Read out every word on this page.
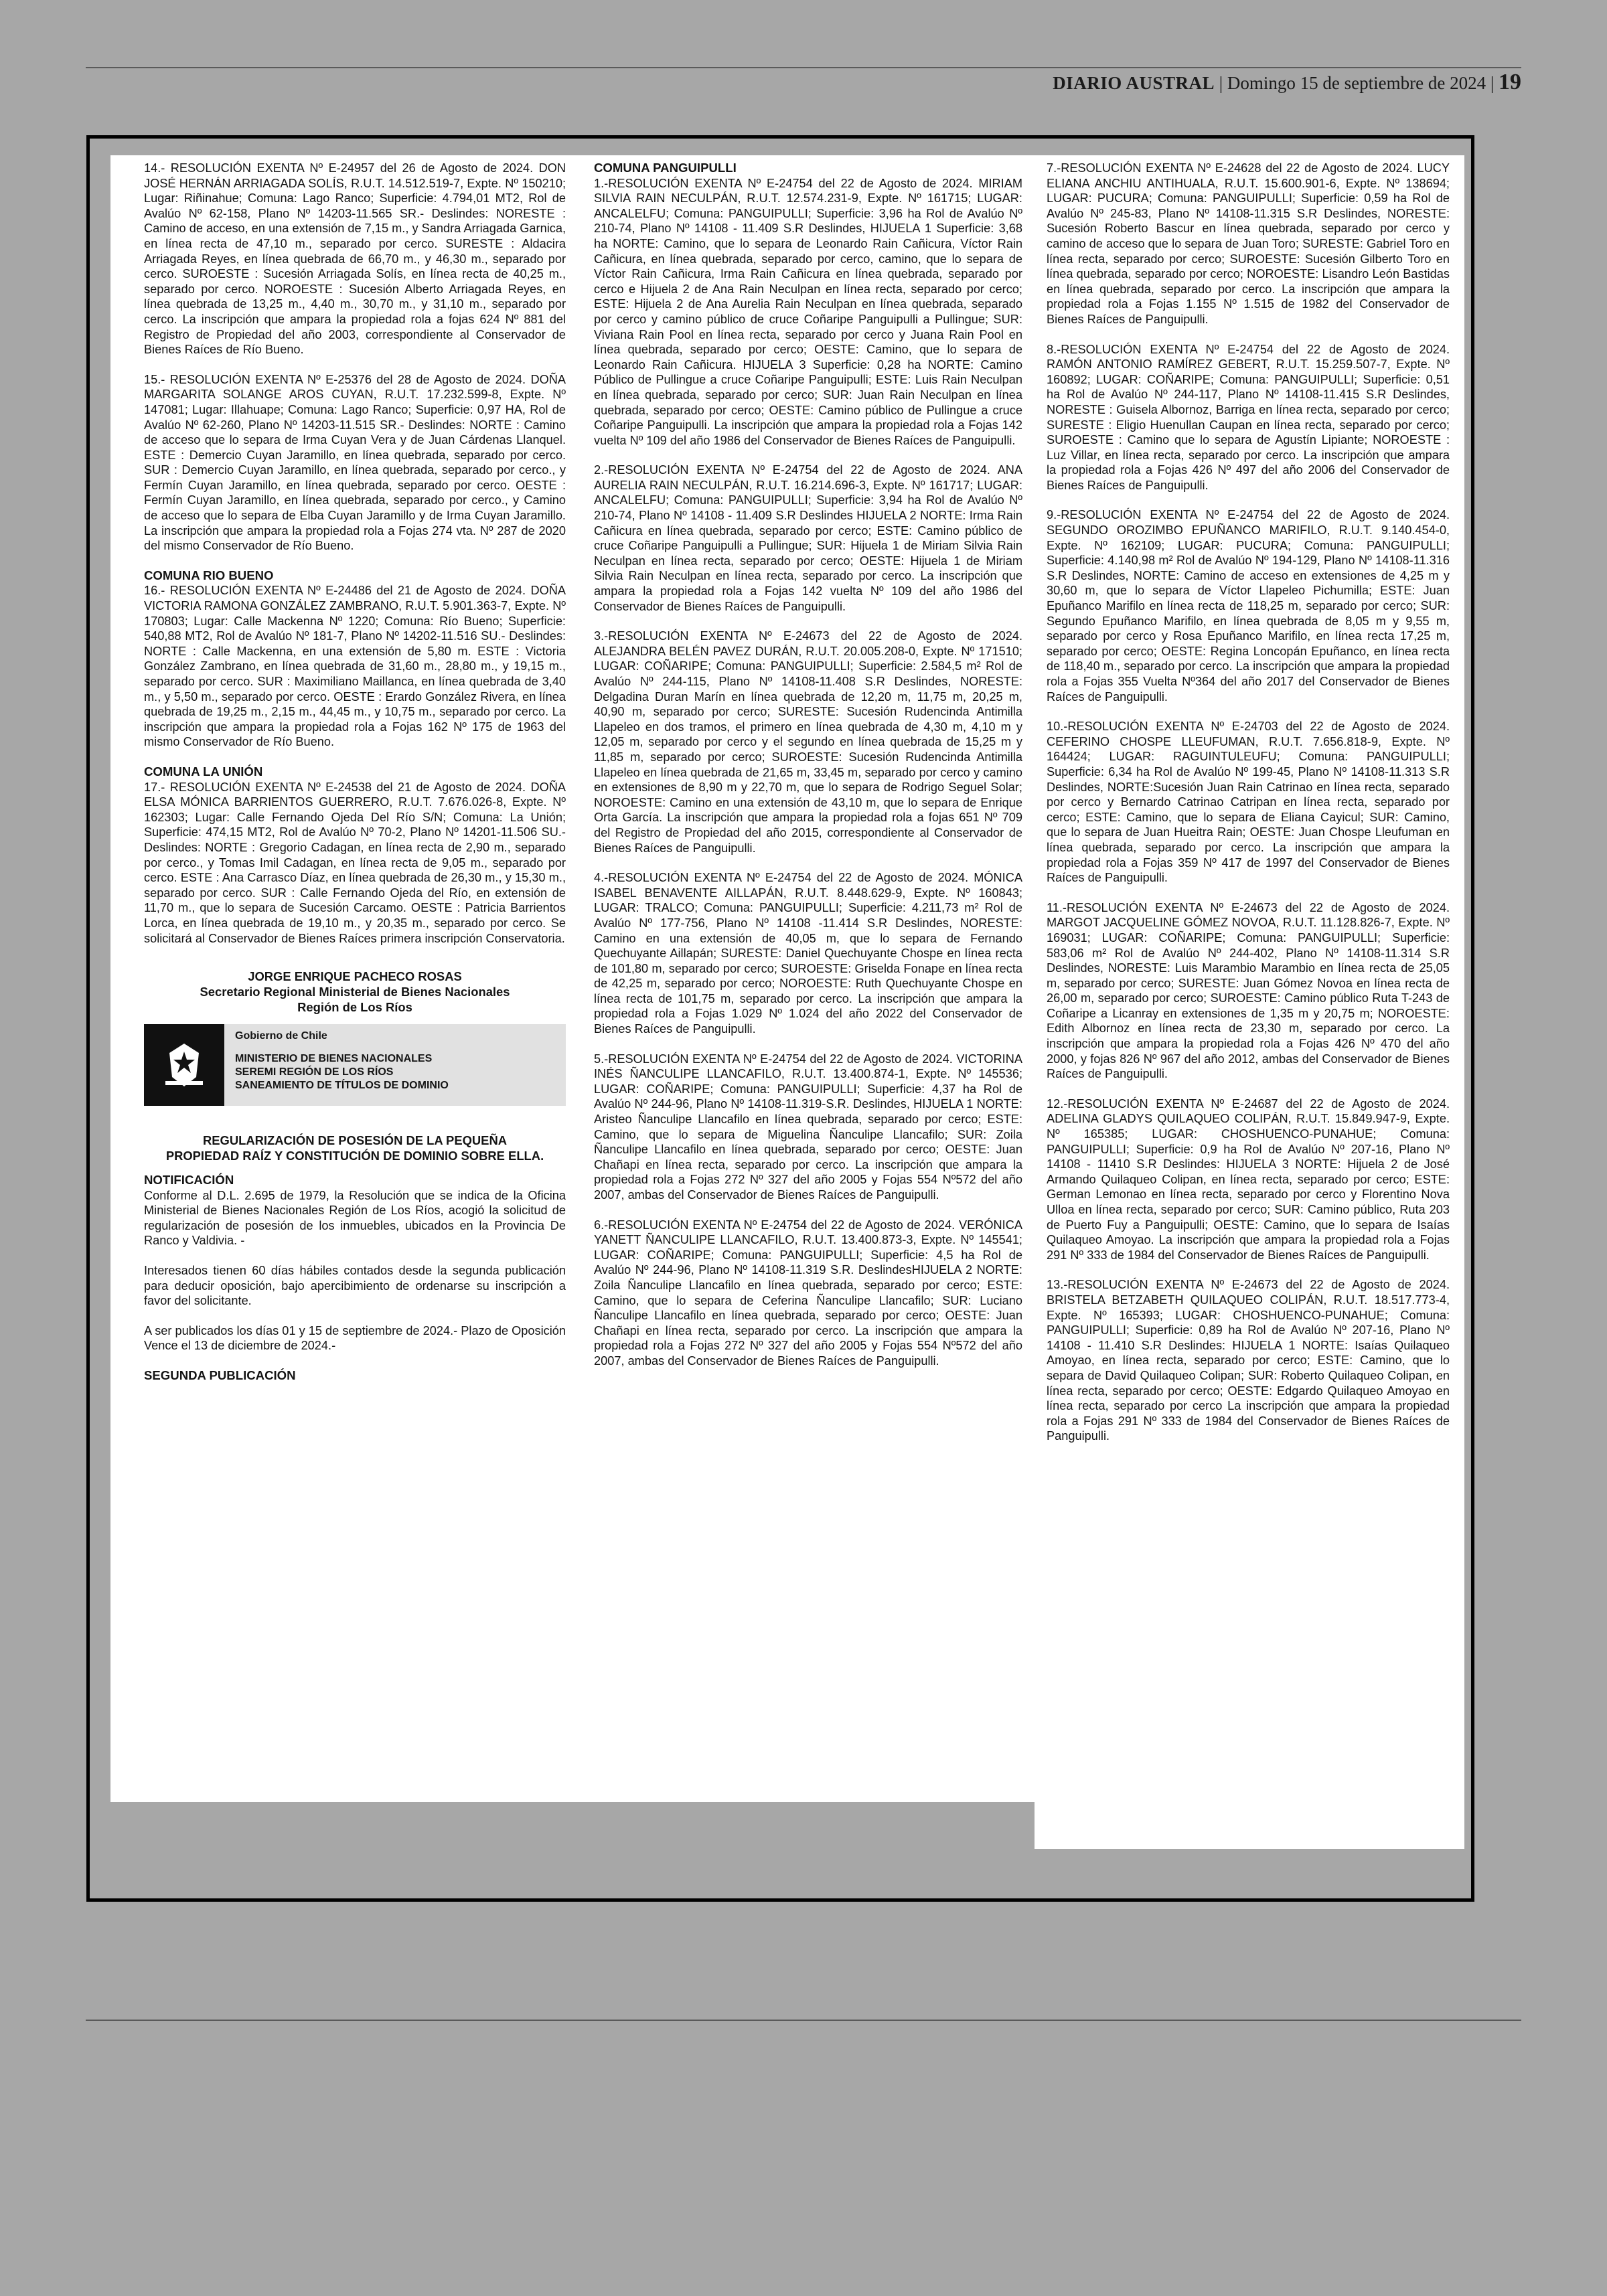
DIARIO AUSTRAL | Domingo 15 de septiembre de 2024 | 19

14.- RESOLUCIÓN EXENTA Nº E-24957 del 26 de Agosto de 2024. DON JOSÉ HERNÁN ARRIAGADA SOLÍS, R.U.T. 14.512.519-7, Expte. Nº 150210; Lugar: Riñinahue; Comuna: Lago Ranco; Superficie: 4.794,01 MT2, Rol de Avalúo Nº 62-158, Plano Nº 14203-11.565 SR.- Deslindes: NORESTE : Camino de acceso, en una extensión de 7,15 m., y Sandra Arriagada Garnica, en línea recta de 47,10 m., separado por cerco. SURESTE : Aldacira Arriagada Reyes, en línea quebrada de 66,70 m., y 46,30 m., separado por cerco. SUROESTE : Sucesión Arriagada Solís, en línea recta de 40,25 m., separado por cerco. NOROESTE : Sucesión Alberto Arriagada Reyes, en línea quebrada de 13,25 m., 4,40 m., 30,70 m., y 31,10 m., separado por cerco. La inscripción que ampara la propiedad rola a fojas 624 Nº 881 del Registro de Propiedad del año 2003, correspondiente al Conservador de Bienes Raíces de Río Bueno.

15.- RESOLUCIÓN EXENTA Nº E-25376 del 28 de Agosto de 2024. DOÑA MARGARITA SOLANGE AROS CUYAN, R.U.T. 17.232.599-8, Expte. Nº 147081; Lugar: Illahuape; Comuna: Lago Ranco; Superficie: 0,97 HA, Rol de Avalúo Nº 62-260, Plano Nº 14203-11.515 SR.- Deslindes: NORTE : Camino de acceso que lo separa de Irma Cuyan Vera y de Juan Cárdenas Llanquel. ESTE : Demercio Cuyan Jaramillo, en línea quebrada, separado por cerco. SUR : Demercio Cuyan Jaramillo, en línea quebrada, separado por cerco., y Fermín Cuyan Jaramillo, en línea quebrada, separado por cerco. OESTE : Fermín Cuyan Jaramillo, en línea quebrada, separado por cerco., y Camino de acceso que lo separa de Elba Cuyan Jaramillo y de Irma Cuyan Jaramillo. La inscripción que ampara la propiedad rola a Fojas 274 vta. Nº 287 de 2020 del mismo Conservador de Río Bueno.

COMUNA RIO BUENO

16.- RESOLUCIÓN EXENTA Nº E-24486 del 21 de Agosto de 2024. DOÑA VICTORIA RAMONA GONZÁLEZ ZAMBRANO, R.U.T. 5.901.363-7, Expte. Nº 170803; Lugar: Calle Mackenna Nº 1220; Comuna: Río Bueno; Superficie: 540,88 MT2, Rol de Avalúo Nº 181-7, Plano Nº 14202-11.516 SU.- Deslindes: NORTE : Calle Mackenna, en una extensión de 5,80 m. ESTE : Victoria González Zambrano, en línea quebrada de 31,60 m., 28,80 m., y 19,15 m., separado por cerco. SUR : Maximiliano Maillanca, en línea quebrada de 3,40 m., y 5,50 m., separado por cerco. OESTE : Erardo González Rivera, en línea quebrada de 19,25 m., 2,15 m., 44,45 m., y 10,75 m., separado por cerco. La inscripción que ampara la propiedad rola a Fojas 162 Nº 175 de 1963 del mismo Conservador de Río Bueno.

COMUNA LA UNIÓN

17.- RESOLUCIÓN EXENTA Nº E-24538 del 21 de Agosto de 2024. DOÑA ELSA MÓNICA BARRIENTOS GUERRERO, R.U.T. 7.676.026-8, Expte. Nº 162303; Lugar: Calle Fernando Ojeda Del Río S/N; Comuna: La Unión; Superficie: 474,15 MT2, Rol de Avalúo Nº 70-2, Plano Nº 14201-11.506 SU.- Deslindes: NORTE : Gregorio Cadagan, en línea recta de 2,90 m., separado por cerco., y Tomas Imil Cadagan, en línea recta de 9,05 m., separado por cerco. ESTE : Ana Carrasco Díaz, en línea quebrada de 26,30 m., y 15,30 m., separado por cerco. SUR : Calle Fernando Ojeda del Río, en extensión de 11,70 m., que lo separa de Sucesión Carcamo. OESTE : Patricia Barrientos Lorca, en línea quebrada de 19,10 m., y 20,35 m., separado por cerco. Se solicitará al Conservador de Bienes Raíces primera inscripción Conservatoria.

JORGE ENRIQUE PACHECO ROSAS
Secretario Regional Ministerial de Bienes Nacionales
Región de Los Ríos
Gobierno de Chile
MINISTERIO DE BIENES NACIONALES
SEREMI REGIÓN DE LOS RÍOS
SANEAMIENTO DE TÍTULOS DE DOMINIO
REGULARIZACIÓN DE POSESIÓN DE LA PEQUEÑA
PROPIEDAD RAÍZ Y CONSTITUCIÓN DE DOMINIO SOBRE ELLA.
NOTIFICACIÓN

Conforme al D.L. 2.695 de 1979, la Resolución que se indica de la Oficina Ministerial de Bienes Nacionales Región de Los Ríos, acogió la solicitud de regularización de posesión de los inmuebles, ubicados en la Provincia De Ranco y Valdivia. -

Interesados tienen 60 días hábiles contados desde la segunda publicación para deducir oposición, bajo apercibimiento de ordenarse su inscripción a favor del solicitante.

A ser publicados los días 01 y 15 de septiembre de 2024.- Plazo de Oposición Vence el 13 de diciembre de 2024.-

SEGUNDA PUBLICACIÓN
COMUNA PANGUIPULLI

1.-RESOLUCIÓN EXENTA Nº E-24754 del 22 de Agosto de 2024. MIRIAM SILVIA RAIN NECULPÁN, R.U.T. 12.574.231-9, Expte. Nº 161715; LUGAR: ANCALELFU; Comuna: PANGUIPULLI; Superficie: 3,96 ha Rol de Avalúo Nº 210-74, Plano Nº 14108 - 11.409 S.R Deslindes, HIJUELA 1 Superficie: 3,68 ha NORTE: Camino, que lo separa de Leonardo Rain Cañicura, Víctor Rain Cañicura, en línea quebrada, separado por cerco, camino, que lo separa de Víctor Rain Cañicura, Irma Rain Cañicura en línea quebrada, separado por cerco e Hijuela 2 de Ana Rain Neculpan en línea recta, separado por cerco; ESTE: Hijuela 2 de Ana Aurelia Rain Neculpan en línea quebrada, separado por cerco y camino público de cruce Coñaripe Panguipulli a Pullingue; SUR: Viviana Rain Pool en línea recta, separado por cerco y Juana Rain Pool en línea quebrada, separado por cerco; OESTE: Camino, que lo separa de Leonardo Rain Cañicura. HIJUELA 3 Superficie: 0,28 ha NORTE: Camino Público de Pullingue a cruce Coñaripe Panguipulli; ESTE: Luis Rain Neculpan en línea quebrada, separado por cerco; SUR: Juan Rain Neculpan en línea quebrada, separado por cerco; OESTE: Camino público de Pullingue a cruce Coñaripe Panguipulli. La inscripción que ampara la propiedad rola a Fojas 142 vuelta Nº 109 del año 1986 del Conservador de Bienes Raíces de Panguipulli.

2.-RESOLUCIÓN EXENTA Nº E-24754 del 22 de Agosto de 2024. ANA AURELIA RAIN NECULPÁN, R.U.T. 16.214.696-3, Expte. Nº 161717; LUGAR: ANCALELFU; Comuna: PANGUIPULLI; Superficie: 3,94 ha Rol de Avalúo Nº 210-74, Plano Nº 14108 - 11.409 S.R Deslindes HIJUELA 2 NORTE: Irma Rain Cañicura en línea quebrada, separado por cerco; ESTE: Camino público de cruce Coñaripe Panguipulli a Pullingue; SUR: Hijuela 1 de Miriam Silvia Rain Neculpan en línea recta, separado por cerco; OESTE: Hijuela 1 de Miriam Silvia Rain Neculpan en línea recta, separado por cerco. La inscripción que ampara la propiedad rola a Fojas 142 vuelta Nº 109 del año 1986 del Conservador de Bienes Raíces de Panguipulli.

3.-RESOLUCIÓN EXENTA Nº E-24673 del 22 de Agosto de 2024. ALEJANDRA BELÉN PAVEZ DURÁN, R.U.T. 20.005.208-0, Expte. Nº 171510; LUGAR: COÑARIPE; Comuna: PANGUIPULLI; Superficie: 2.584,5 m² Rol de Avalúo Nº 244-115, Plano Nº 14108-11.408 S.R Deslindes, NORESTE: Delgadina Duran Marín en línea quebrada de 12,20 m, 11,75 m, 20,25 m, 40,90 m, separado por cerco; SURESTE: Sucesión Rudencinda Antimilla Llapeleo en dos tramos, el primero en línea quebrada de 4,30 m, 4,10 m y 12,05 m, separado por cerco y el segundo en línea quebrada de 15,25 m y 11,85 m, separado por cerco; SUROESTE: Sucesión Rudencinda Antimilla Llapeleo en línea quebrada de 21,65 m, 33,45 m, separado por cerco y camino en extensiones de 8,90 m y 22,70 m, que lo separa de Rodrigo Seguel Solar; NOROESTE: Camino en una extensión de 43,10 m, que lo separa de Enrique Orta García. La inscripción que ampara la propiedad rola a fojas 651 Nº 709 del Registro de Propiedad del año 2015, correspondiente al Conservador de Bienes Raíces de Panguipulli.

4.-RESOLUCIÓN EXENTA Nº E-24754 del 22 de Agosto de 2024. MÓNICA ISABEL BENAVENTE AILLAPÁN, R.U.T. 8.448.629-9, Expte. Nº 160843; LUGAR: TRALCO; Comuna: PANGUIPULLI; Superficie: 4.211,73 m² Rol de Avalúo Nº 177-756, Plano Nº 14108 -11.414 S.R Deslindes, NORESTE: Camino en una extensión de 40,05 m, que lo separa de Fernando Quechuyante Aillapán; SURESTE: Daniel Quechuyante Chospe en línea recta de 101,80 m, separado por cerco; SUROESTE: Griselda Fonape en línea recta de 42,25 m, separado por cerco; NOROESTE: Ruth Quechuyante Chospe en línea recta de 101,75 m, separado por cerco. La inscripción que ampara la propiedad rola a Fojas 1.029 Nº 1.024 del año 2022 del Conservador de Bienes Raíces de Panguipulli.

5.-RESOLUCIÓN EXENTA Nº E-24754 del 22 de Agosto de 2024. VICTORINA INÉS ÑANCULIPE LLANCAFILO, R.U.T. 13.400.874-1, Expte. Nº 145536; LUGAR: COÑARIPE; Comuna: PANGUIPULLI; Superficie: 4,37 ha Rol de Avalúo Nº 244-96, Plano Nº 14108-11.319-S.R. Deslindes, HIJUELA 1 NORTE: Aristeo Ñanculipe Llancafilo en línea quebrada, separado por cerco; ESTE: Camino, que lo separa de Miguelina Ñanculipe Llancafilo; SUR: Zoila Ñanculipe Llancafilo en línea quebrada, separado por cerco; OESTE: Juan Chañapi en línea recta, separado por cerco. La inscripción que ampara la propiedad rola a Fojas 272 Nº 327 del año 2005 y Fojas 554 Nº572 del año 2007, ambas del Conservador de Bienes Raíces de Panguipulli.

6.-RESOLUCIÓN EXENTA Nº E-24754 del 22 de Agosto de 2024. VERÓNICA YANETT ÑANCULIPE LLANCAFILO, R.U.T. 13.400.873-3, Expte. Nº 145541; LUGAR: COÑARIPE; Comuna: PANGUIPULLI; Superficie: 4,5 ha Rol de Avalúo Nº 244-96, Plano Nº 14108-11.319 S.R. DeslindesHIJUELA 2 NORTE: Zoila Ñanculipe Llancafilo en línea quebrada, separado por cerco; ESTE: Camino, que lo separa de Ceferina Ñanculipe Llancafilo; SUR: Luciano Ñanculipe Llancafilo en línea quebrada, separado por cerco; OESTE: Juan Chañapi en línea recta, separado por cerco. La inscripción que ampara la propiedad rola a Fojas 272 Nº 327 del año 2005 y Fojas 554 Nº572 del año 2007, ambas del Conservador de Bienes Raíces de Panguipulli.

7.-RESOLUCIÓN EXENTA Nº E-24628 del 22 de Agosto de 2024. LUCY ELIANA ANCHIU ANTIHUALA, R.U.T. 15.600.901-6, Expte. Nº 138694; LUGAR: PUCURA; Comuna: PANGUIPULLI; Superficie: 0,59 ha Rol de Avalúo Nº 245-83, Plano Nº 14108-11.315 S.R Deslindes, NORESTE: Sucesión Roberto Bascur en línea quebrada, separado por cerco y camino de acceso que lo separa de Juan Toro; SURESTE: Gabriel Toro en línea recta, separado por cerco; SUROESTE: Sucesión Gilberto Toro en línea quebrada, separado por cerco; NOROESTE: Lisandro León Bastidas en línea quebrada, separado por cerco. La inscripción que ampara la propiedad rola a Fojas 1.155 Nº 1.515 de 1982 del Conservador de Bienes Raíces de Panguipulli.

8.-RESOLUCIÓN EXENTA Nº E-24754 del 22 de Agosto de 2024. RAMÓN ANTONIO RAMÍREZ GEBERT, R.U.T. 15.259.507-7, Expte. Nº 160892; LUGAR: COÑARIPE; Comuna: PANGUIPULLI; Superficie: 0,51 ha Rol de Avalúo Nº 244-117, Plano Nº 14108-11.415 S.R Deslindes, NORESTE : Guisela Albornoz, Barriga en línea recta, separado por cerco; SURESTE : Eligio Huenullan Caupan en línea recta, separado por cerco; SUROESTE : Camino que lo separa de Agustín Lipiante; NOROESTE : Luz Villar, en línea recta, separado por cerco. La inscripción que ampara la propiedad rola a Fojas 426 Nº 497 del año 2006 del Conservador de Bienes Raíces de Panguipulli.

9.-RESOLUCIÓN EXENTA Nº E-24754 del 22 de Agosto de 2024. SEGUNDO OROZIMBO EPUÑANCO MARIFILO, R.U.T. 9.140.454-0, Expte. Nº 162109; LUGAR: PUCURA; Comuna: PANGUIPULLI; Superficie: 4.140,98 m² Rol de Avalúo Nº 194-129, Plano Nº 14108-11.316 S.R Deslindes, NORTE: Camino de acceso en extensiones de 4,25 m y 30,60 m, que lo separa de Víctor Llapeleo Pichumilla; ESTE: Juan Epuñanco Marifilo en línea recta de 118,25 m, separado por cerco; SUR: Segundo Epuñanco Marifilo, en línea quebrada de 8,05 m y 9,55 m, separado por cerco y Rosa Epuñanco Marifilo, en línea recta 17,25 m, separado por cerco; OESTE: Regina Loncopán Epuñanco, en línea recta de 118,40 m., separado por cerco. La inscripción que ampara la propiedad rola a Fojas 355 Vuelta Nº364 del año 2017 del Conservador de Bienes Raíces de Panguipulli.

10.-RESOLUCIÓN EXENTA Nº E-24703 del 22 de Agosto de 2024. CEFERINO CHOSPE LLEUFUMAN, R.U.T. 7.656.818-9, Expte. Nº 164424; LUGAR: RAGUINTULEUFU; Comuna: PANGUIPULLI; Superficie: 6,34 ha Rol de Avalúo Nº 199-45, Plano Nº 14108-11.313 S.R Deslindes, NORTE:Sucesión Juan Rain Catrinao en línea recta, separado por cerco y Bernardo Catrinao Catripan en línea recta, separado por cerco; ESTE: Camino, que lo separa de Eliana Cayicul; SUR: Camino, que lo separa de Juan Hueitra Rain; OESTE: Juan Chospe Lleufuman en línea quebrada, separado por cerco. La inscripción que ampara la propiedad rola a Fojas 359 Nº 417 de 1997 del Conservador de Bienes Raíces de Panguipulli.

11.-RESOLUCIÓN EXENTA Nº E-24673 del 22 de Agosto de 2024. MARGOT JACQUELINE GÓMEZ NOVOA, R.U.T. 11.128.826-7, Expte. Nº 169031; LUGAR: COÑARIPE; Comuna: PANGUIPULLI; Superficie: 583,06 m² Rol de Avalúo Nº 244-402, Plano Nº 14108-11.314 S.R Deslindes, NORESTE: Luis Marambio Marambio en línea recta de 25,05 m, separado por cerco; SURESTE: Juan Gómez Novoa en línea recta de 26,00 m, separado por cerco; SUROESTE: Camino público Ruta T-243 de Coñaripe a Licanray en extensiones de 1,35 m y 20,75 m; NOROESTE: Edith Albornoz en línea recta de 23,30 m, separado por cerco. La inscripción que ampara la propiedad rola a Fojas 426 Nº 470 del año 2000, y fojas 826 Nº 967 del año 2012, ambas del Conservador de Bienes Raíces de Panguipulli.

12.-RESOLUCIÓN EXENTA Nº E-24687 del 22 de Agosto de 2024. ADELINA GLADYS QUILAQUEO COLIPÁN, R.U.T. 15.849.947-9, Expte. Nº 165385; LUGAR: CHOSHUENCO-PUNAHUE; Comuna: PANGUIPULLI; Superficie: 0,9 ha Rol de Avalúo Nº 207-16, Plano Nº 14108 - 11410 S.R Deslindes: HIJUELA 3 NORTE: Hijuela 2 de José Armando Quilaqueo Colipan, en línea recta, separado por cerco; ESTE: German Lemonao en línea recta, separado por cerco y Florentino Nova Ulloa en línea recta, separado por cerco; SUR: Camino público, Ruta 203 de Puerto Fuy a Panguipulli; OESTE: Camino, que lo separa de Isaías Quilaqueo Amoyao. La inscripción que ampara la propiedad rola a Fojas 291 Nº 333 de 1984 del Conservador de Bienes Raíces de Panguipulli.

13.-RESOLUCIÓN EXENTA Nº E-24673 del 22 de Agosto de 2024. BRISTELA BETZABETH QUILAQUEO COLIPÁN, R.U.T. 18.517.773-4, Expte. Nº 165393; LUGAR: CHOSHUENCO-PUNAHUE; Comuna: PANGUIPULLI; Superficie: 0,89 ha Rol de Avalúo Nº 207-16, Plano Nº 14108 - 11.410 S.R Deslindes: HIJUELA 1 NORTE: Isaías Quilaqueo Amoyao, en línea recta, separado por cerco; ESTE: Camino, que lo separa de David Quilaqueo Colipan; SUR: Roberto Quilaqueo Colipan, en línea recta, separado por cerco; OESTE: Edgardo Quilaqueo Amoyao en línea recta, separado por cerco La inscripción que ampara la propiedad rola a Fojas 291 Nº 333 de 1984 del Conservador de Bienes Raíces de Panguipulli.
